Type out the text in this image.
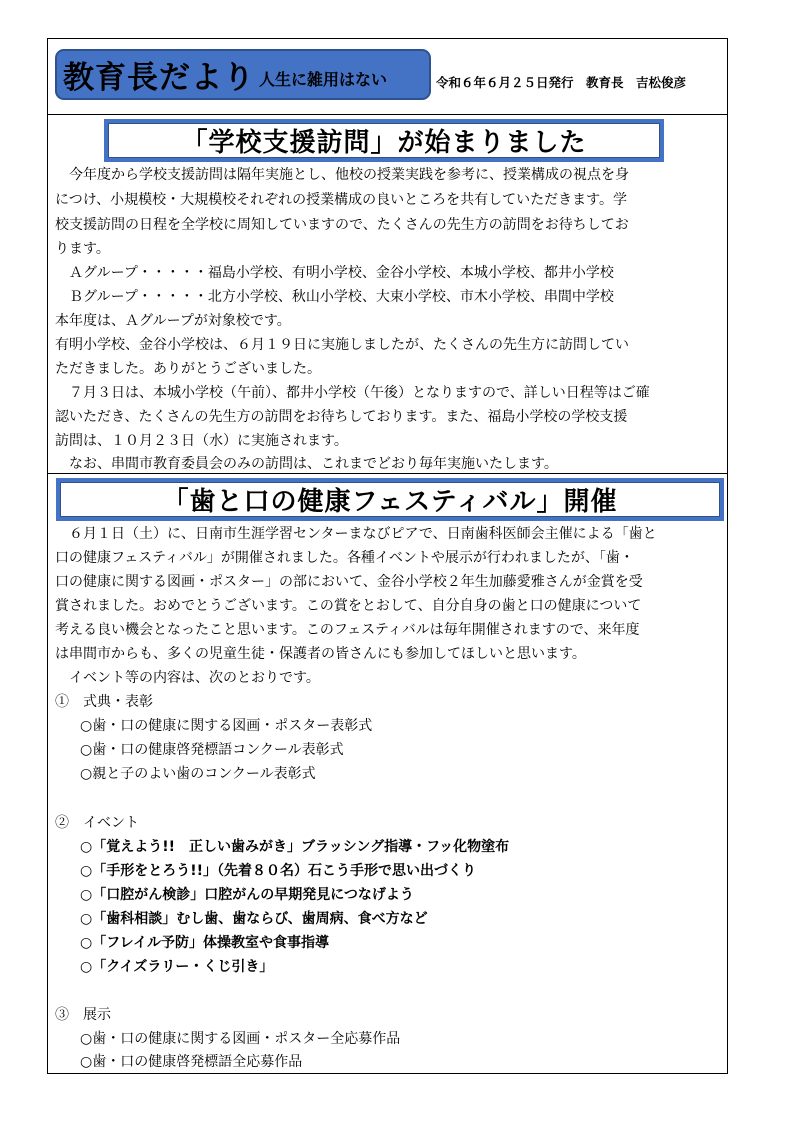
教育長だより 人生に雑用はない	令和６年６月２５日発行　教育長　吉松俊彦
「学校支援訪問」が始まりました
　今年度から学校支援訪問は隔年実施とし、他校の授業実践を参考に、授業構成の視点を身
につけ、小規模校・大規模校それぞれの授業構成の良いところを共有していただきます。学
校支援訪問の日程を全学校に周知していますので、たくさんの先生方の訪問をお待ちしてお
ります。
　Ａグループ・・・・・福島小学校、有明小学校、金谷小学校、本城小学校、都井小学校
　Ｂグループ・・・・・北方小学校、秋山小学校、大束小学校、市木小学校、串間中学校
本年度は、Ａグループが対象校です。
有明小学校、金谷小学校は、６月１９日に実施しましたが、たくさんの先生方に訪問してい
ただきました。ありがとうございました。
　７月３日は、本城小学校（午前）、都井小学校（午後）となりますので、詳しい日程等はご確
認いただき、たくさんの先生方の訪問をお待ちしております。また、福島小学校の学校支援
訪問は、１０月２３日（水）に実施されます。
　なお、串間市教育委員会のみの訪問は、これまでどおり毎年実施いたします。
「歯と口の健康フェスティバル」開催
　６月１日（土）に、日南市生涯学習センターまなびピアで、日南歯科医師会主催による「歯と
口の健康フェスティバル」が開催されました。各種イベントや展示が行われましたが、「歯・
口の健康に関する図画・ポスター」の部において、金谷小学校２年生加藤愛雅さんが金賞を受
賞されました。おめでとうございます。この賞をとおして、自分自身の歯と口の健康について
考える良い機会となったこと思います。このフェスティバルは毎年開催されますので、来年度
は串間市からも、多くの児童生徒・保護者の皆さんにも参加してほしいと思います。
　イベント等の内容は、次のとおりです。
①　式典・表彰
○歯・口の健康に関する図画・ポスター表彰式
○歯・口の健康啓発標語コンクール表彰式
○親と子のよい歯のコンクール表彰式
②　イベント
○「覚えよう!!　正しい歯みがき」ブラッシング指導・フッ化物塗布
○「手形をとろう!!」（先着８０名）石こう手形で思い出づくり
○「口腔がん検診」口腔がんの早期発見につなげよう
○「歯科相談」むし歯、歯ならび、歯周病、食べ方など
○「フレイル予防」体操教室や食事指導
○「クイズラリー・くじ引き」
③　展示
○歯・口の健康に関する図画・ポスター全応募作品
○歯・口の健康啓発標語全応募作品
